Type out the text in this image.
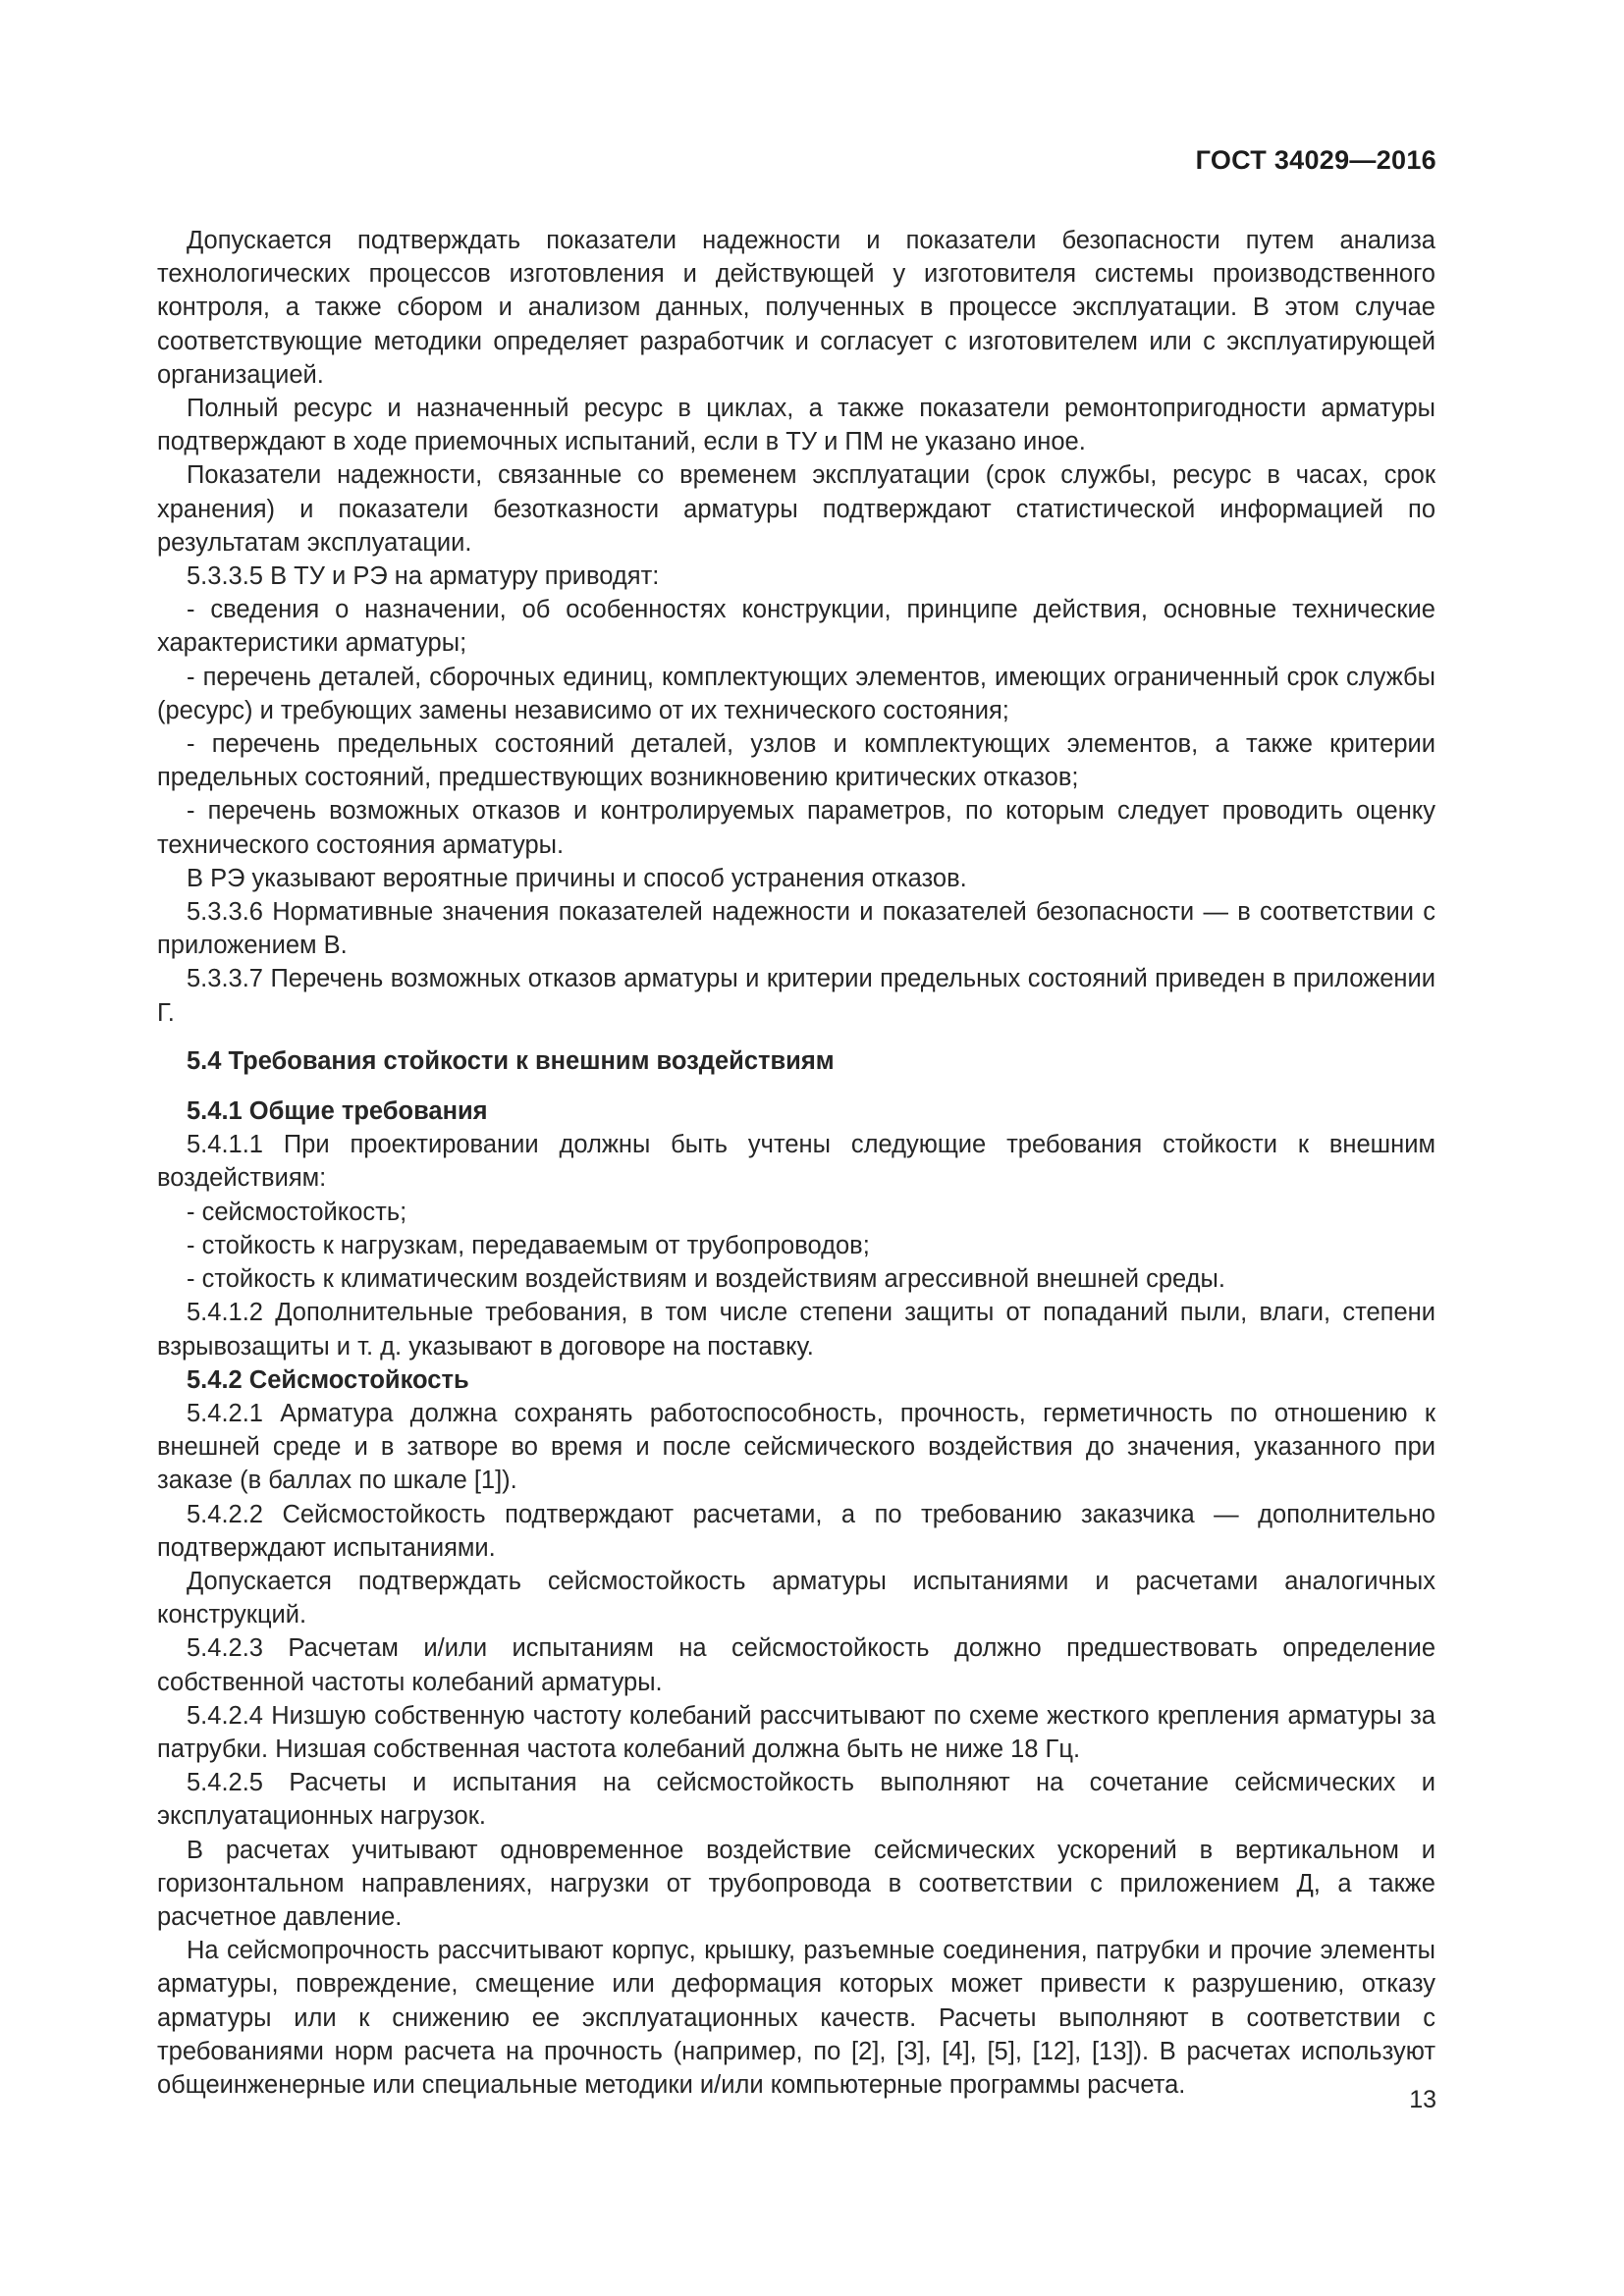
ГОСТ 34029—2016

Допускается подтверждать показатели надежности и показатели безопасности путем анализа технологических процессов изготовления и действующей у изготовителя системы производственного контроля, а также сбором и анализом данных, полученных в процессе эксплуатации. В этом случае соответствующие методики определяет разработчик и согласует с изготовителем или с эксплуатирующей организацией.

Полный ресурс и назначенный ресурс в циклах, а также показатели ремонтопригодности арматуры подтверждают в ходе приемочных испытаний, если в ТУ и ПМ не указано иное.

Показатели надежности, связанные со временем эксплуатации (срок службы, ресурс в часах, срок хранения) и показатели безотказности арматуры подтверждают статистической информацией по результатам эксплуатации.

5.3.3.5 В ТУ и РЭ на арматуру приводят:

- сведения о назначении, об особенностях конструкции, принципе действия, основные технические характеристики арматуры;

- перечень деталей, сборочных единиц, комплектующих элементов, имеющих ограниченный срок службы (ресурс) и требующих замены независимо от их технического состояния;

- перечень предельных состояний деталей, узлов и комплектующих элементов, а также критерии предельных состояний, предшествующих возникновению критических отказов;

- перечень возможных отказов и контролируемых параметров, по которым следует проводить оценку технического состояния арматуры.

В РЭ указывают вероятные причины и способ устранения отказов.

5.3.3.6 Нормативные значения показателей надежности и показателей безопасности — в соответствии с приложением В.

5.3.3.7 Перечень возможных отказов арматуры и критерии предельных состояний приведен в приложении Г.

5.4 Требования стойкости к внешним воздействиям

5.4.1 Общие требования

5.4.1.1 При проектировании должны быть учтены следующие требования стойкости к внешним воздействиям:

- сейсмостойкость;

- стойкость к нагрузкам, передаваемым от трубопроводов;

- стойкость к климатическим воздействиям и воздействиям агрессивной внешней среды.

5.4.1.2 Дополнительные требования, в том числе степени защиты от попаданий пыли, влаги, степени взрывозащиты и т. д. указывают в договоре на поставку.

5.4.2 Сейсмостойкость

5.4.2.1 Арматура должна сохранять работоспособность, прочность, герметичность по отношению к внешней среде и в затворе во время и после сейсмического воздействия до значения, указанного при заказе (в баллах по шкале [1]).

5.4.2.2 Сейсмостойкость подтверждают расчетами, а по требованию заказчика — дополнительно подтверждают испытаниями.

Допускается подтверждать сейсмостойкость арматуры испытаниями и расчетами аналогичных конструкций.

5.4.2.3 Расчетам и/или испытаниям на сейсмостойкость должно предшествовать определение собственной частоты колебаний арматуры.

5.4.2.4 Низшую собственную частоту колебаний рассчитывают по схеме жесткого крепления арматуры за патрубки. Низшая собственная частота колебаний должна быть не ниже 18 Гц.

5.4.2.5 Расчеты и испытания на сейсмостойкость выполняют на сочетание сейсмических и эксплуатационных нагрузок.

В расчетах учитывают одновременное воздействие сейсмических ускорений в вертикальном и горизонтальном направлениях, нагрузки от трубопровода в соответствии с приложением Д, а также расчетное давление.

На сейсмопрочность рассчитывают корпус, крышку, разъемные соединения, патрубки и прочие элементы арматуры, повреждение, смещение или деформация которых может привести к разрушению, отказу арматуры или к снижению ее эксплуатационных качеств. Расчеты выполняют в соответствии с требованиями норм расчета на прочность (например, по [2], [3], [4], [5], [12], [13]). В расчетах используют общеинженерные или специальные методики и/или компьютерные программы расчета.

13
